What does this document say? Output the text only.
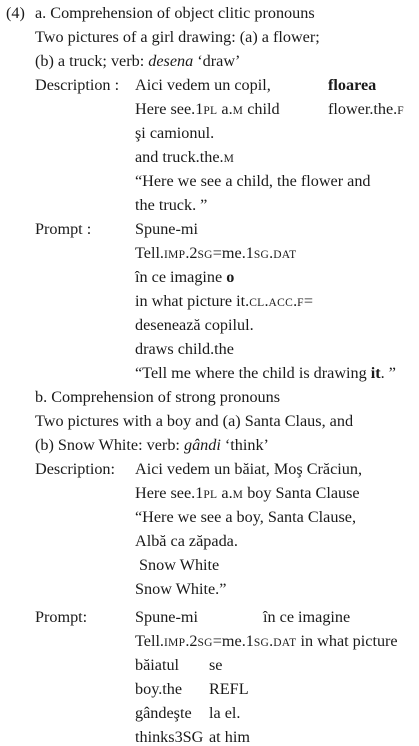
(4) a. Comprehension of object clitic pronouns
Two pictures of a girl drawing: (a) a flower;
(b) a truck; verb: desena ‘draw’
Description : Aici vedem un copil,	floarea
Here see.1PL a.M child	flower.the.F
şi camionul.
and truck.the.M
“Here we see a child, the flower and
the truck. ”
Prompt :	Spune-mi
Tell.IMP.2SG=me.1SG.DAT
în ce imagine o
in what picture it.CL.ACC.F=
desenează copilul.
draws child.the
“Tell me where the child is drawing it. ”
b. Comprehension of strong pronouns
Two pictures with a boy and (a) Santa Claus, and
(b) Snow White: verb: gândi ‘think’
Description: Aici vedem un băiat, Moş Crăciun,
Here see.1PL a.M boy Santa Clause
“Here we see a boy, Santa Clause,
Albă ca zăpada.
Snow White
Snow White.”
Prompt:	Spune-mi	în ce imagine
Tell.IMP.2SG=me.1SG.DAT in what picture
băiatul se
boy.the REFL
gândeşte la el.
thinks3SG at him
